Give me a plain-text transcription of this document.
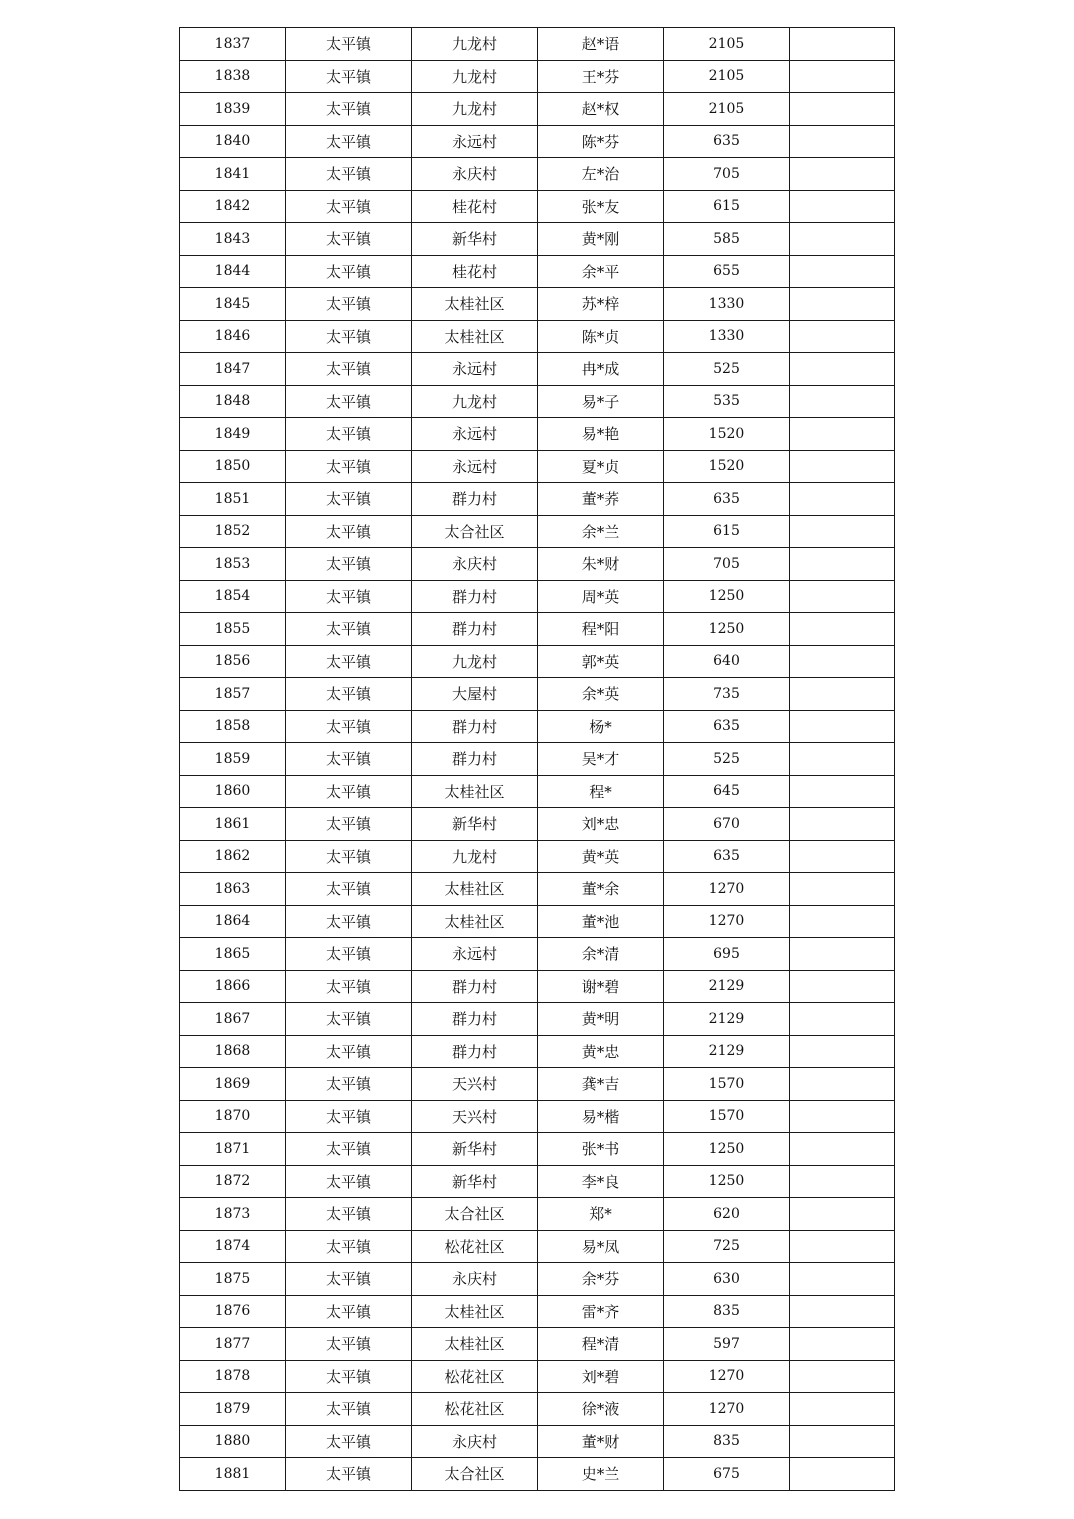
1837	太平镇	九龙村	赵*语	2105	
1838	太平镇	九龙村	王*芬	2105	
1839	太平镇	九龙村	赵*权	2105	
1840	太平镇	永远村	陈*芬	635	
1841	太平镇	永庆村	左*治	705	
1842	太平镇	桂花村	张*友	615	
1843	太平镇	新华村	黄*刚	585	
1844	太平镇	桂花村	余*平	655	
1845	太平镇	太桂社区	苏*梓	1330	
1846	太平镇	太桂社区	陈*贞	1330	
1847	太平镇	永远村	冉*成	525	
1848	太平镇	九龙村	易*子	535	
1849	太平镇	永远村	易*艳	1520	
1850	太平镇	永远村	夏*贞	1520	
1851	太平镇	群力村	董*荞	635	
1852	太平镇	太合社区	余*兰	615	
1853	太平镇	永庆村	朱*财	705	
1854	太平镇	群力村	周*英	1250	
1855	太平镇	群力村	程*阳	1250	
1856	太平镇	九龙村	郭*英	640	
1857	太平镇	大屋村	余*英	735	
1858	太平镇	群力村	杨*	635	
1859	太平镇	群力村	吴*才	525	
1860	太平镇	太桂社区	程*	645	
1861	太平镇	新华村	刘*忠	670	
1862	太平镇	九龙村	黄*英	635	
1863	太平镇	太桂社区	董*余	1270	
1864	太平镇	太桂社区	董*池	1270	
1865	太平镇	永远村	余*清	695	
1866	太平镇	群力村	谢*碧	2129	
1867	太平镇	群力村	黄*明	2129	
1868	太平镇	群力村	黄*忠	2129	
1869	太平镇	天兴村	龚*吉	1570	
1870	太平镇	天兴村	易*楷	1570	
1871	太平镇	新华村	张*书	1250	
1872	太平镇	新华村	李*良	1250	
1873	太平镇	太合社区	郑*	620	
1874	太平镇	松花社区	易*凤	725	
1875	太平镇	永庆村	余*芬	630	
1876	太平镇	太桂社区	雷*齐	835	
1877	太平镇	太桂社区	程*清	597	
1878	太平镇	松花社区	刘*碧	1270	
1879	太平镇	松花社区	徐*液	1270	
1880	太平镇	永庆村	董*财	835	
1881	太平镇	太合社区	史*兰	675	
